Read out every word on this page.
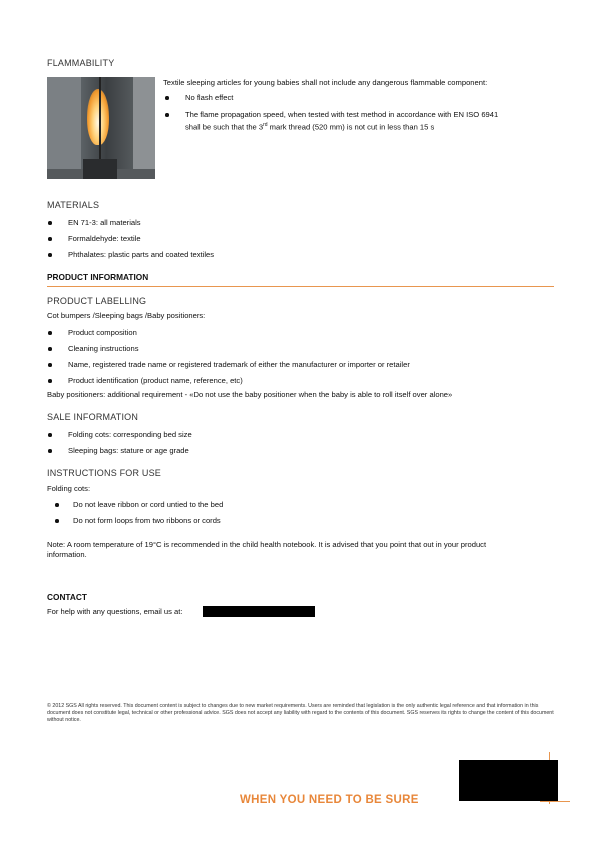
FLAMMABILITY
Textile sleeping articles for young babies shall not include any dangerous flammable component:
No flash effect
The flame propagation speed, when tested with test method in accordance with EN ISO 6941
shall be such that the 3rd mark thread (520 mm) is not cut in less than 15 s
MATERIALS
EN 71-3: all materials
Formaldehyde: textile
Phthalates: plastic parts and coated textiles
PRODUCT INFORMATION
PRODUCT LABELLING
Cot bumpers /Sleeping bags /Baby positioners:
Product composition
Cleaning instructions
Name, registered trade name or registered trademark of either the manufacturer or importer or retailer
Product identification (product name, reference, etc)
Baby positioners: additional requirement - «Do not use the baby positioner when the baby is able to roll itself over alone»
SALE INFORMATION
Folding cots: corresponding bed size
Sleeping bags: stature or age grade
INSTRUCTIONS FOR USE
Folding cots:
Do not leave ribbon or cord untied to the bed
Do not form loops from two ribbons or cords
Note: A room temperature of 19°C is recommended in the child health notebook. It is advised that you point that out in your product
information.
CONTACT
For help with any questions, email us at:
© 2012 SGS All rights reserved. This document content is subject to changes due to new market requirements. Users are reminded that legislation is the only authentic legal reference and that information in this document does not constitute legal, technical or other professional advice. SGS does not accept any liability with regard to the contents of this document. SGS reserves its rights to change the content of this document without notice.
WHEN YOU NEED TO BE SURE
